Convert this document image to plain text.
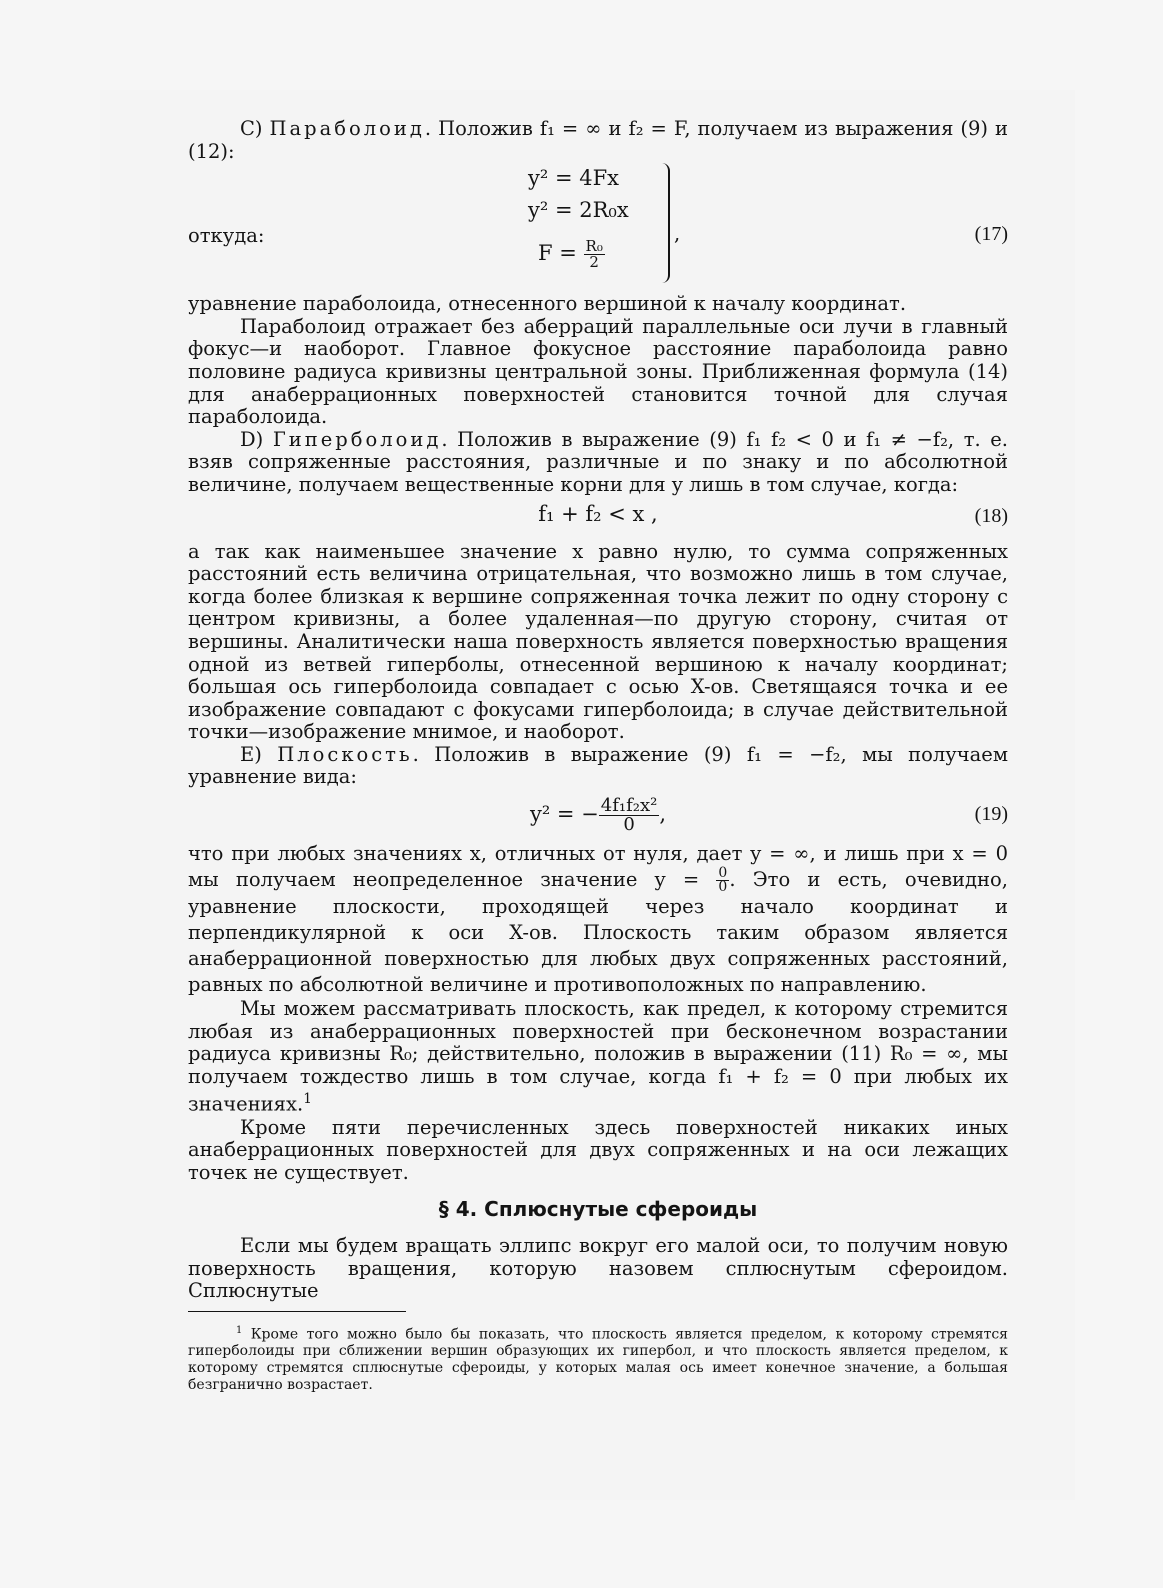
C) Параболоид. Положив f₁ = ∞ и f₂ = F, получаем из выражения (9) и (12):

откуда:
y² = 4Fx
y² = 2R₀x
$F = \frac{\text{R₀}}{2}$
,	(17)

уравнение параболоида, отнесенного вершиной к началу координат.

Параболоид отражает без аберраций параллельные оси лучи в главный фокус—и наоборот. Главное фокусное расстояние параболоида равно половине радиуса кривизны центральной зоны. Приближенная формула (14) для анаберрационных поверхностей становится точной для случая параболоида.

D) Гиперболоид. Положив в выражение (9) f₁ f₂ < 0 и f₁ ≠ −f₂, т. е. взяв сопряженные расстояния, различные и по знаку и по абсолютной величине, получаем вещественные корни для y лишь в том случае, когда:

f₁ + f₂ < x ,	(18)

а так как наименьшее значение x равно нулю, то сумма сопряженных расстояний есть величина отрицательная, что возможно лишь в том случае, когда более близкая к вершине сопряженная точка лежит по одну сторону с центром кривизны, а более удаленная—по другую сторону, считая от вершины. Аналитически наша поверхность является поверхностью вращения одной из ветвей гиперболы, отнесенной вершиною к началу координат; большая ось гиперболоида совпадает с осью X-ов. Светящаяся точка и ее изображение совпадают с фокусами гиперболоида; в случае действительной точки—изображение мнимое, и наоборот.

E) Плоскость. Положив в выражение (9) f₁ = −f₂, мы получаем уравнение вида:

y² = − $\frac{\text{4f₁f₂x²}}{0}$ ,	(19)

что при любых значениях x, отличных от нуля, дает y = ∞, и лишь при x = 0 мы получаем неопределенное значение $y = \frac{0}{0}$ . Это и есть, очевидно, уравнение плоскости, проходящей через начало координат и перпендикулярной к оси X-ов. Плоскость таким образом является анаберрационной поверхностью для любых двух сопряженных расстояний, равных по абсолютной величине и противоположных по направлению.

Мы можем рассматривать плоскость, как предел, к которому стремится любая из анаберрационных поверхностей при бесконечном возрастании радиуса кривизны R₀; действительно, положив в выражении (11) R₀ = ∞, мы получаем тождество лишь в том случае, когда f₁ + f₂ = 0 при любых их значениях.$^1$

Кроме пяти перечисленных здесь поверхностей никаких иных анаберрационных поверхностей для двух сопряженных и на оси лежащих точек не существует.

§ 4. Сплюснутые сфероиды

Если мы будем вращать эллипс вокруг его малой оси, то получим новую поверхность вращения, которую назовем сплюснутым сфероидом. Сплюснутые

$^1$ Кроме того можно было бы показать, что плоскость является пределом, к которому стремятся гиперболоиды при сближении вершин образующих их гипербол, и что плоскость является пределом, к которому стремятся сплюснутые сфероиды, у которых малая ось имеет конечное значение, а большая безгранично возрастает.
